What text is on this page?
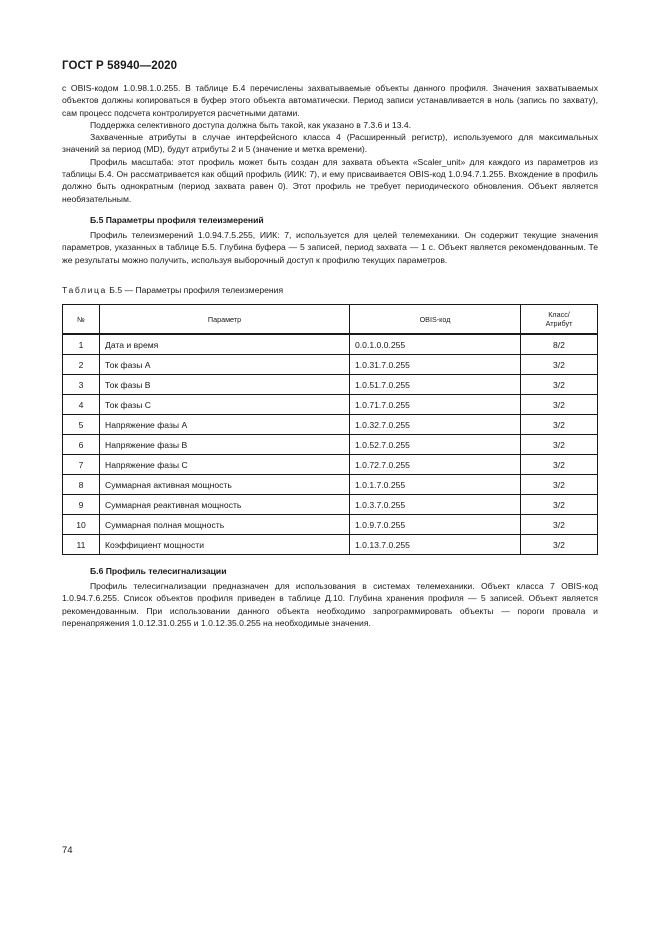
ГОСТ Р 58940—2020

с OBIS-кодом 1.0.98.1.0.255. В таблице Б.4 перечислены захватываемые объекты данного профиля. Значения захватываемых объектов должны копироваться в буфер этого объекта автоматически. Период записи устанавливается в ноль (запись по захвату), сам процесс подсчета контролируется расчетными датами.

Поддержка селективного доступа должна быть такой, как указано в 7.3.6 и 13.4.

Захваченные атрибуты в случае интерфейсного класса 4 (Расширенный регистр), используемого для максимальных значений за период (MD), будут атрибуты 2 и 5 (значение и метка времени).

Профиль масштаба: этот профиль может быть создан для захвата объекта «Scaler_unit» для каждого из параметров из таблицы Б.4. Он рассматривается как общий профиль (ИИК: 7), и ему присваивается OBIS-код 1.0.94.7.1.255. Вхождение в профиль должно быть однократным (период захвата равен 0). Этот профиль не требует периодического обновления. Объект является необязательным.

Б.5 Параметры профиля телеизмерений

Профиль телеизмерений 1.0.94.7.5.255, ИИК: 7, используется для целей телемеханики. Он содержит текущие значения параметров, указанных в таблице Б.5. Глубина буфера — 5 записей, период захвата — 1 с. Объект является рекомендованным. Те же результаты можно получить, используя выборочный доступ к профилю текущих параметров.

Таблица Б.5 — Параметры профиля телеизмерения
№	Параметр	OBIS-код	Класс/
Атрибут
1	Дата и время	0.0.1.0.0.255	8/2
2	Ток фазы A	1.0.31.7.0.255	3/2
3	Ток фазы B	1.0.51.7.0.255	3/2
4	Ток фазы C	1.0.71.7.0.255	3/2
5	Напряжение фазы A	1.0.32.7.0.255	3/2
6	Напряжение фазы B	1.0.52.7.0.255	3/2
7	Напряжение фазы C	1.0.72.7.0.255	3/2
8	Суммарная активная мощность	1.0.1.7.0.255	3/2
9	Суммарная реактивная мощность	1.0.3.7.0.255	3/2
10	Суммарная полная мощность	1.0.9.7.0.255	3/2
11	Коэффициент мощности	1.0.13.7.0.255	3/2
Б.6 Профиль телесигнализации

Профиль телесигнализации предназначен для использования в системах телемеханики. Объект класса 7 OBIS-код 1.0.94.7.6.255. Список объектов профиля приведен в таблице Д.10. Глубина хранения профиля — 5 записей. Объект является рекомендованным. При использовании данного объекта необходимо запрограммировать объекты — пороги провала и перенапряжения 1.0.12.31.0.255 и 1.0.12.35.0.255 на необходимые значения.

74
